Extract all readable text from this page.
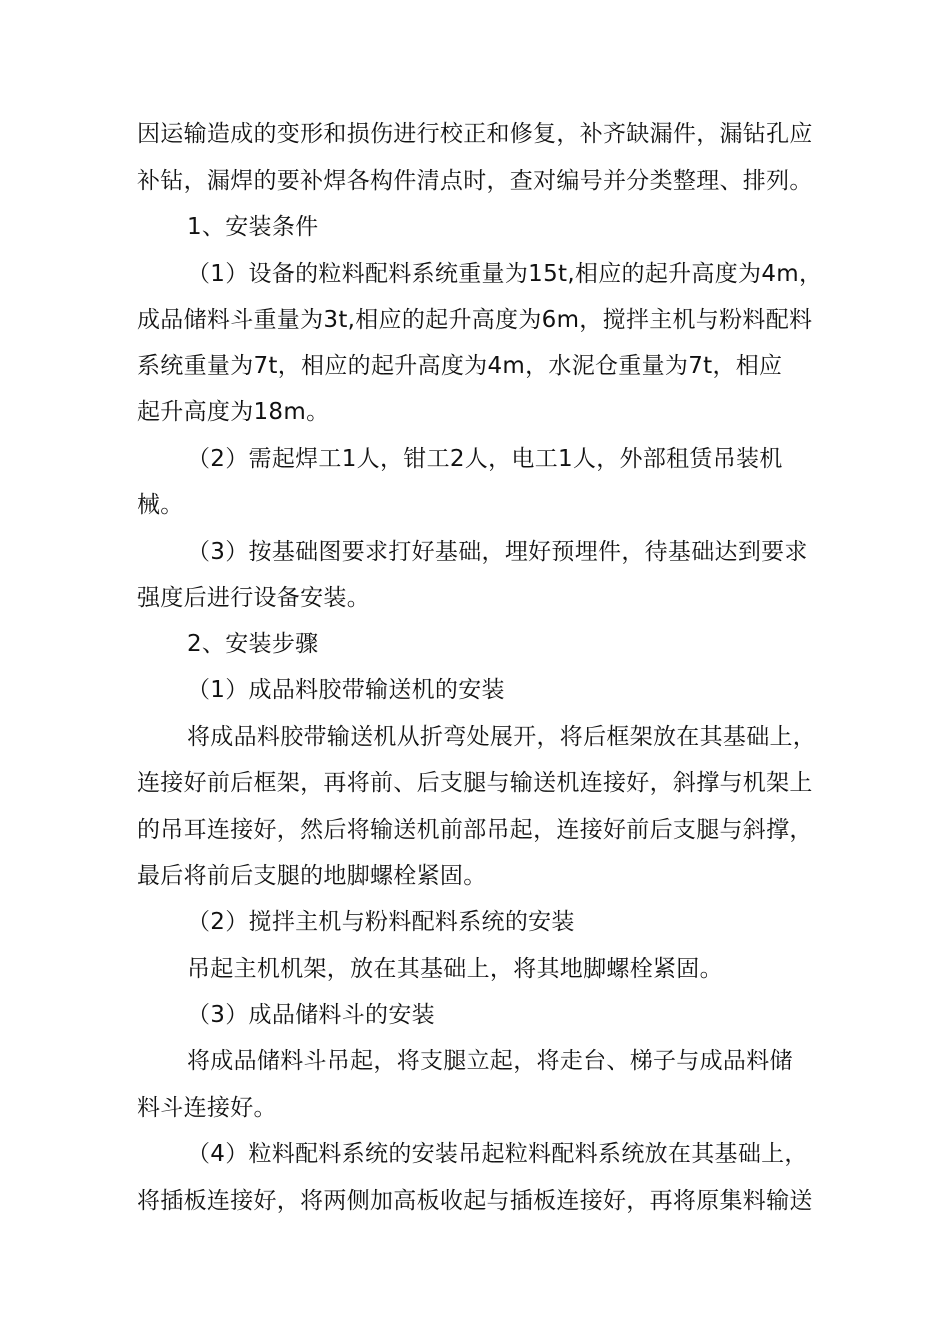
因运输造成的变形和损伤进行校正和修复，补齐缺漏件，漏钻孔应
补钻，漏焊的要补焊各构件清点时，查对编号并分类整理、排列。
1、安装条件
（1）设备的粒料配料系统重量为15t,相应的起升高度为4m，
成品储料斗重量为3t,相应的起升高度为6m，搅拌主机与粉料配料
系统重量为7t，相应的起升高度为4m，水泥仓重量为7t，相应
起升高度为18m。
（2）需起焊工1人，钳工2人，电工1人，外部租赁吊装机
械。
（3）按基础图要求打好基础，埋好预埋件，待基础达到要求
强度后进行设备安装。
2、安装步骤
（1）成品料胶带输送机的安装
将成品料胶带输送机从折弯处展开，将后框架放在其基础上，
连接好前后框架，再将前、后支腿与输送机连接好，斜撑与机架上
的吊耳连接好，然后将输送机前部吊起，连接好前后支腿与斜撑，
最后将前后支腿的地脚螺栓紧固。
（2）搅拌主机与粉料配料系统的安装
吊起主机机架，放在其基础上，将其地脚螺栓紧固。
（3）成品储料斗的安装
将成品储料斗吊起，将支腿立起，将走台、梯子与成品料储
料斗连接好。
（4）粒料配料系统的安装吊起粒料配料系统放在其基础上，
将插板连接好，将两侧加高板收起与插板连接好，再将原集料输送
